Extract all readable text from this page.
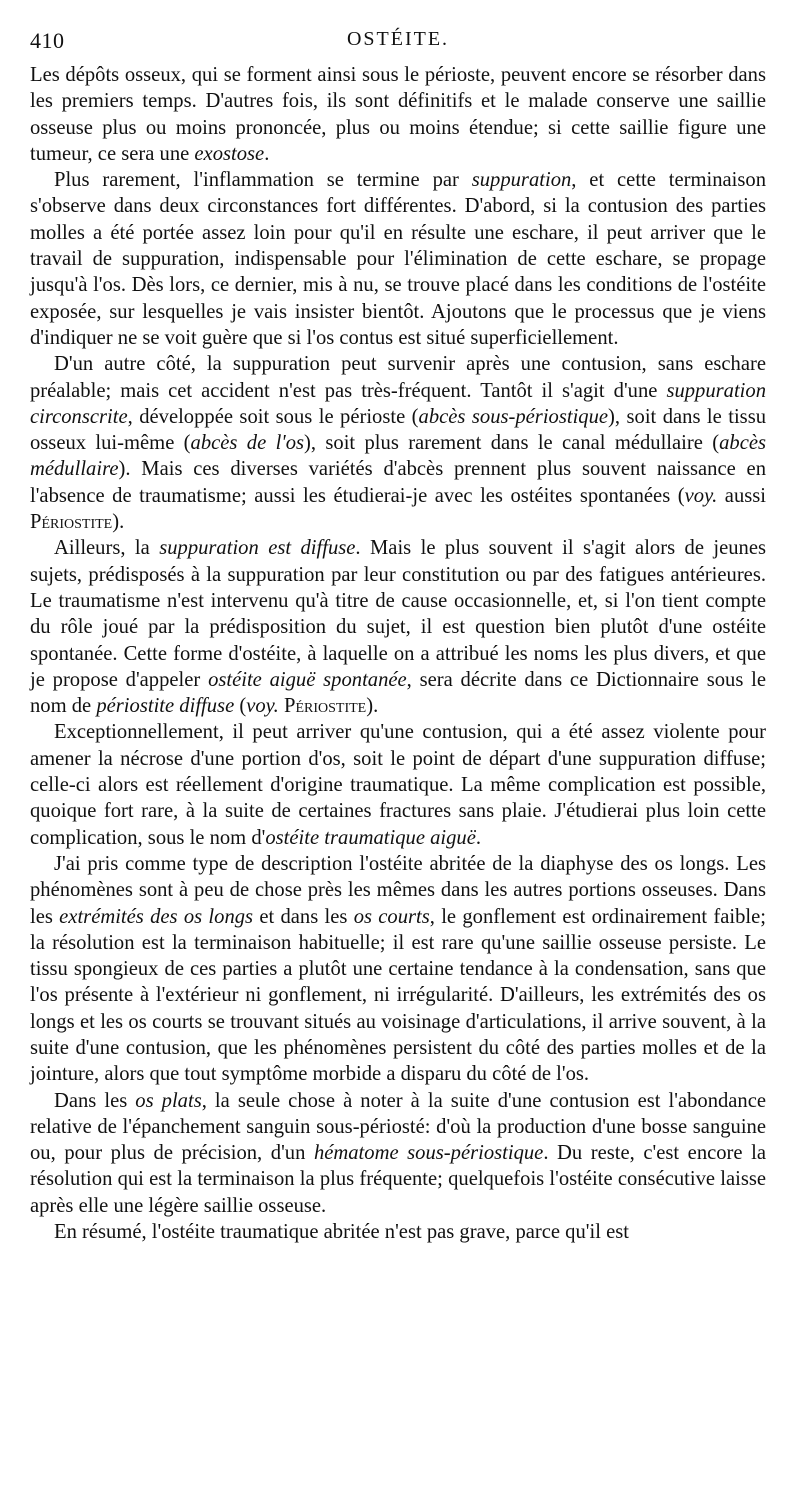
410	OSTÉITE.

Les dépôts osseux, qui se forment ainsi sous le périoste, peuvent encore se résorber dans les premiers temps. D'autres fois, ils sont définitifs et le malade conserve une saillie osseuse plus ou moins prononcée, plus ou moins étendue; si cette saillie figure une tumeur, ce sera une exostose.

Plus rarement, l'inflammation se termine par suppuration, et cette terminaison s'observe dans deux circonstances fort différentes. D'abord, si la contusion des parties molles a été portée assez loin pour qu'il en résulte une eschare, il peut arriver que le travail de suppuration, indispensable pour l'élimination de cette eschare, se propage jusqu'à l'os. Dès lors, ce dernier, mis à nu, se trouve placé dans les conditions de l'ostéite exposée, sur lesquelles je vais insister bientôt. Ajoutons que le processus que je viens d'indiquer ne se voit guère que si l'os contus est situé superficiellement.

D'un autre côté, la suppuration peut survenir après une contusion, sans eschare préalable; mais cet accident n'est pas très-fréquent. Tantôt il s'agit d'une suppuration circonscrite, développée soit sous le périoste (abcès sous-périostique), soit dans le tissu osseux lui-même (abcès de l'os), soit plus rarement dans le canal médullaire (abcès médullaire). Mais ces diverses variétés d'abcès prennent plus souvent naissance en l'absence de traumatisme; aussi les étudierai-je avec les ostéites spontanées (voy. aussi Périostite).

Ailleurs, la suppuration est diffuse. Mais le plus souvent il s'agit alors de jeunes sujets, prédisposés à la suppuration par leur constitution ou par des fatigues antérieures. Le traumatisme n'est intervenu qu'à titre de cause occasionnelle, et, si l'on tient compte du rôle joué par la prédisposition du sujet, il est question bien plutôt d'une ostéite spontanée. Cette forme d'ostéite, à laquelle on a attribué les noms les plus divers, et que je propose d'appeler ostéite aiguë spontanée, sera décrite dans ce Dictionnaire sous le nom de périostite diffuse (voy. Périostite).

Exceptionnellement, il peut arriver qu'une contusion, qui a été assez violente pour amener la nécrose d'une portion d'os, soit le point de départ d'une suppuration diffuse; celle-ci alors est réellement d'origine traumatique. La même complication est possible, quoique fort rare, à la suite de certaines fractures sans plaie. J'étudierai plus loin cette complication, sous le nom d'ostéite traumatique aiguë.

J'ai pris comme type de description l'ostéite abritée de la diaphyse des os longs. Les phénomènes sont à peu de chose près les mêmes dans les autres portions osseuses. Dans les extrémités des os longs et dans les os courts, le gonflement est ordinairement faible; la résolution est la terminaison habituelle; il est rare qu'une saillie osseuse persiste. Le tissu spongieux de ces parties a plutôt une certaine tendance à la condensation, sans que l'os présente à l'extérieur ni gonflement, ni irrégularité. D'ailleurs, les extrémités des os longs et les os courts se trouvant situés au voisinage d'articulations, il arrive souvent, à la suite d'une contusion, que les phénomènes persistent du côté des parties molles et de la jointure, alors que tout symptôme morbide a disparu du côté de l'os.

Dans les os plats, la seule chose à noter à la suite d'une contusion est l'abondance relative de l'épanchement sanguin sous-périosté: d'où la production d'une bosse sanguine ou, pour plus de précision, d'un hématome sous-périostique. Du reste, c'est encore la résolution qui est la terminaison la plus fréquente; quelquefois l'ostéite consécutive laisse après elle une légère saillie osseuse.

En résumé, l'ostéite traumatique abritée n'est pas grave, parce qu'il est
